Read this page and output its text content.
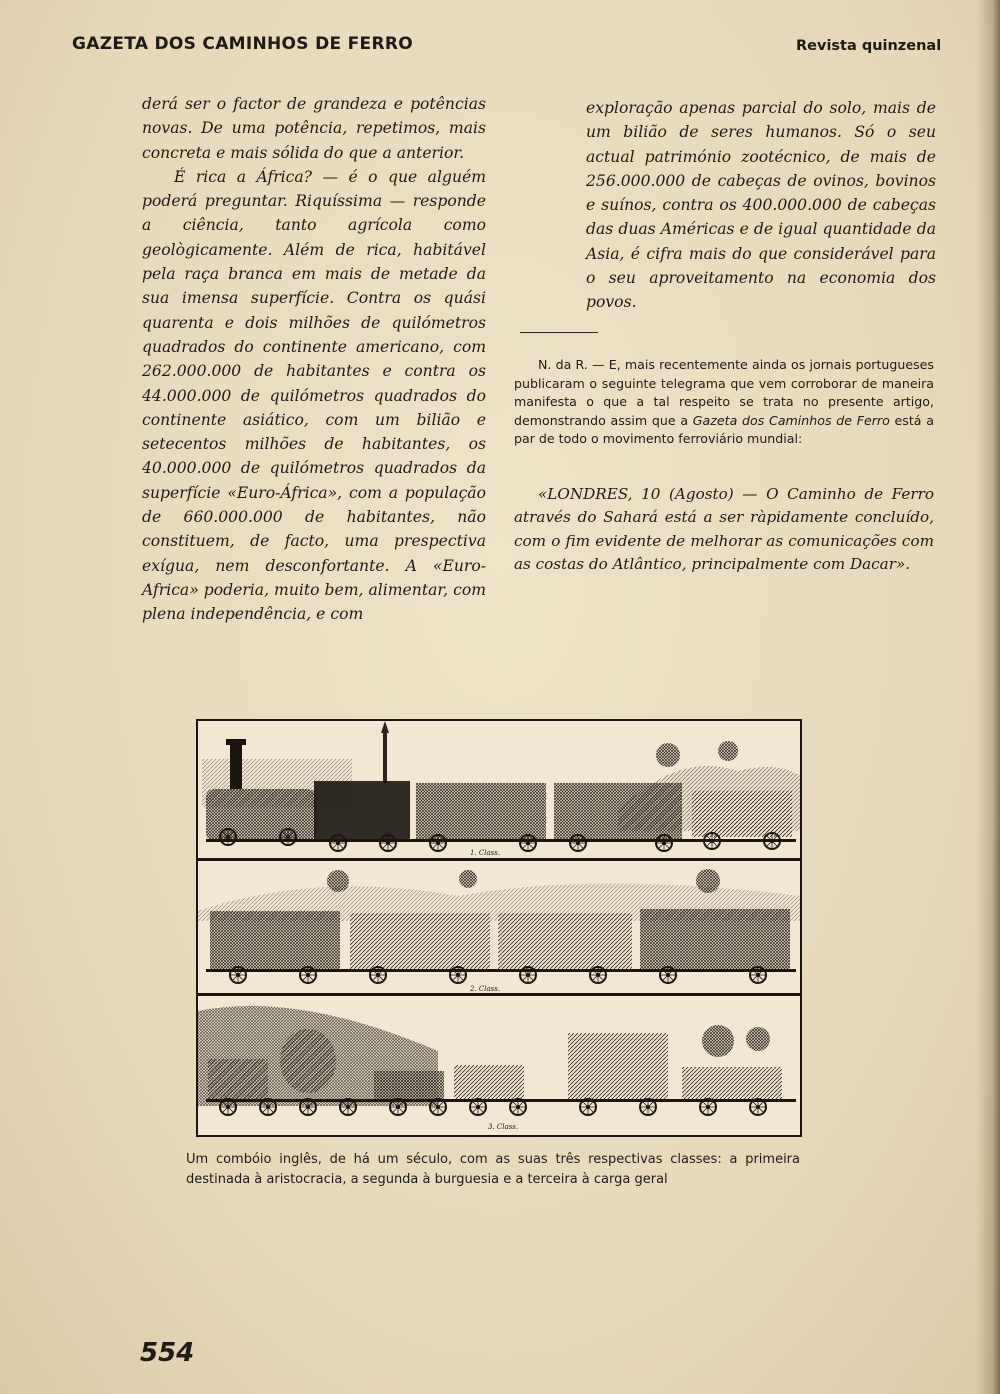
GAZETA DOS CAMINHOS DE FERRO	Revista quinzenal

derá ser o factor de grandeza e potências novas. De uma potência, repetimos, mais concreta e mais sólida do que a anterior.

É rica a África? — é o que alguém poderá preguntar. Riquíssima — responde a ciência, tanto agrícola como geològicamente. Além de rica, habitável pela raça branca em mais de metade da sua imensa superfície. Contra os quási quarenta e dois milhões de quilómetros quadrados do continente americano, com 262.000.000 de habitantes e contra os 44.000.000 de quilómetros quadrados do continente asiático, com um bilião e setecentos milhões de habitantes, os 40.000.000 de quilómetros quadrados da superfície «Euro-África», com a população de 660.000.000 de habitantes, não constituem, de facto, uma prespectiva exígua, nem desconfortante. A «Euro-Africa» poderia, muito bem, alimentar, com plena independência, e com

exploração apenas parcial do solo, mais de um bilião de seres humanos. Só o seu actual património zootécnico, de mais de 256.000.000 de cabeças de ovinos, bovinos e suínos, contra os 400.000.000 de cabeças das duas Américas e de igual quantidade da Asia, é cifra mais do que considerável para o seu aproveitamento na economia dos povos.

N. da R. — E, mais recentemente ainda os jornais portugueses publicaram o seguinte telegrama que vem corroborar de maneira manifesta o que a tal respeito se trata no presente artigo, demonstrando assim que a Gazeta dos Caminhos de Ferro está a par de todo o movimento ferroviário mundial:

«LONDRES, 10 (Agosto) — O Caminho de Ferro através do Sahará está a ser ràpidamente concluído, com o fim evidente de melhorar as comunicações com as costas do Atlântico, principalmente com Dacar».

1. Class.
2. Class.
3. Class.
Um combóio inglês, de há um século, com as suas três respectivas classes: a primeira destinada à aristocracia, a segunda à burguesia e a terceira à carga geral
554
